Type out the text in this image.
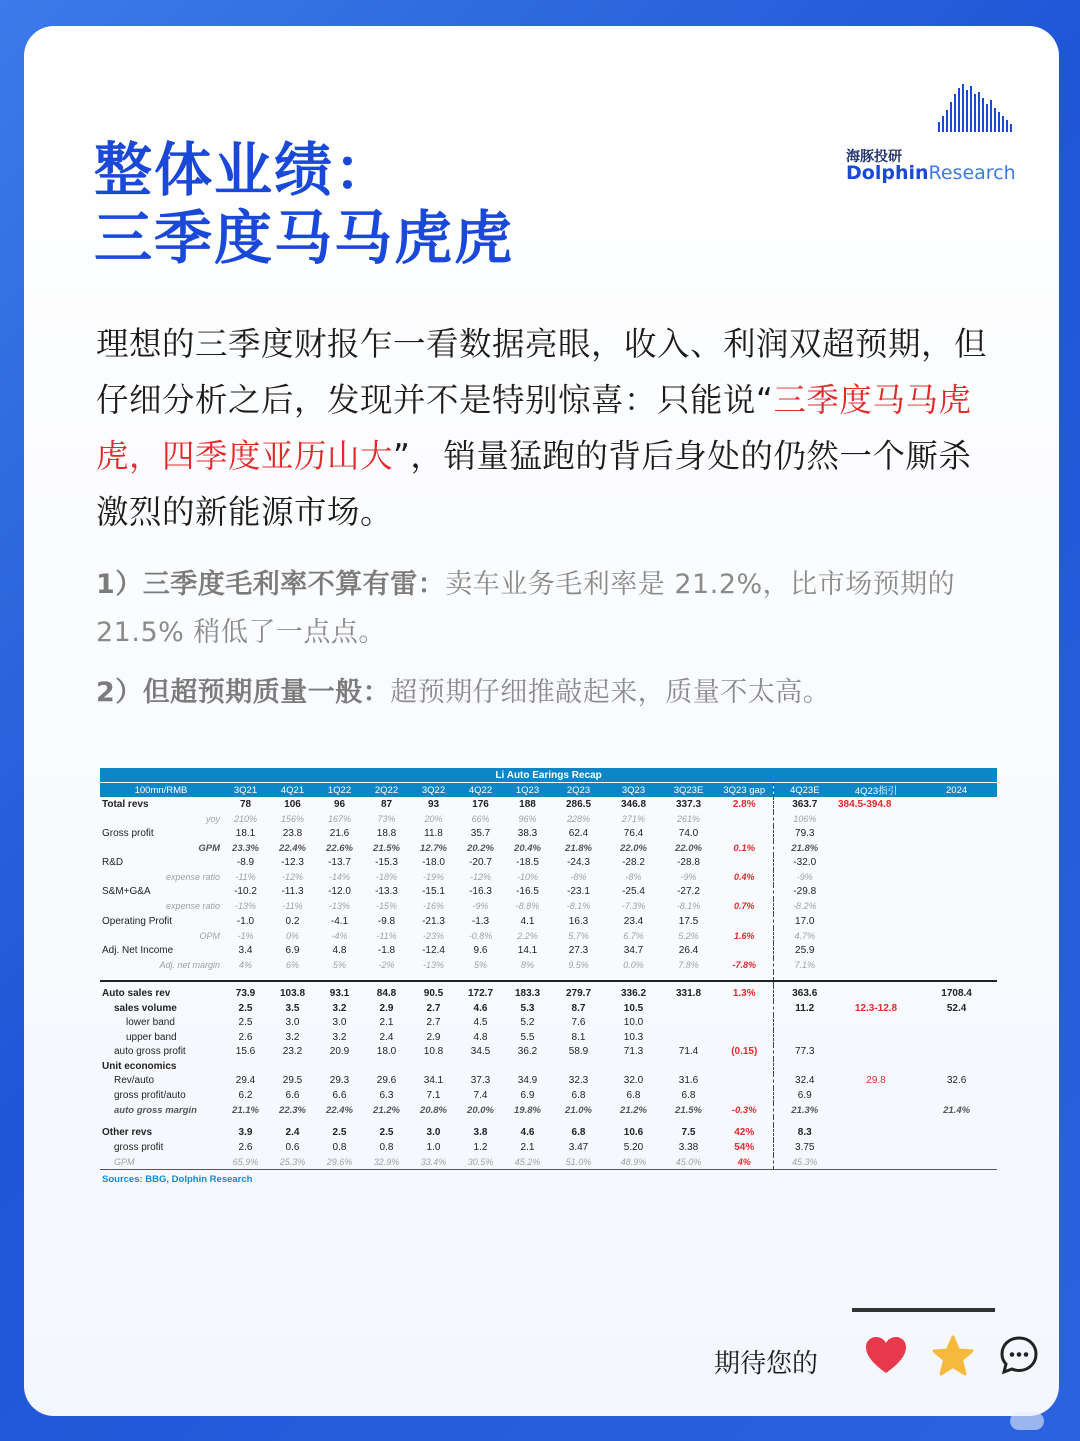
整体业绩：
三季度马马虎虎
海豚投研
DolphinResearch
理想的三季度财报乍一看数据亮眼，收入、利润双超预期，但仔细分析之后，发现并不是特别惊喜：只能说“三季度马马虎虎，四季度亚历山大”，销量猛跑的背后身处的仍然一个厮杀激烈的新能源市场。
1）三季度毛利率不算有雷：卖车业务毛利率是 21.2%，比市场预期的 21.5% 稍低了一点点。
2）但超预期质量一般：超预期仔细推敲起来，质量不太高。
Li Auto Earings Recap														
100mn/RMB	3Q21	4Q21	1Q22	2Q22	3Q22	4Q22	1Q23	2Q23	3Q23	3Q23E	3Q23 gap	4Q23E	4Q23指引	2024
Total revs	78	106	96	87	93	176	188	286.5	346.8	337.3	2.8%	363.7	384.5-394.8	
yoy	210%	156%	167%	73%	20%	66%	96%	228%	271%	261%		106%		
Gross profit	18.1	23.8	21.6	18.8	11.8	35.7	38.3	62.4	76.4	74.0		79.3		
GPM	23.3%	22.4%	22.6%	21.5%	12.7%	20.2%	20.4%	21.8%	22.0%	22.0%	0.1%	21.8%		
R&D	-8.9	-12.3	-13.7	-15.3	-18.0	-20.7	-18.5	-24.3	-28.2	-28.8		-32.0		
expense ratio	-11%	-12%	-14%	-18%	-19%	-12%	-10%	-8%	-8%	-9%	0.4%	-9%		
S&M+G&A	-10.2	-11.3	-12.0	-13.3	-15.1	-16.3	-16.5	-23.1	-25.4	-27.2		-29.8		
expense ratio	-13%	-11%	-13%	-15%	-16%	-9%	-8.8%	-8.1%	-7.3%	-8.1%	0.7%	-8.2%		
Operating Profit	-1.0	0.2	-4.1	-9.8	-21.3	-1.3	4.1	16.3	23.4	17.5		17.0		
OPM	-1%	0%	-4%	-11%	-23%	-0.8%	2.2%	5.7%	6.7%	5.2%	1.6%	4.7%		
Adj. Net Income	3.4	6.9	4.8	-1.8	-12.4	9.6	14.1	27.3	34.7	26.4		25.9		
Adj. net margin	4%	6%	5%	-2%	-13%	5%	8%	9.5%	0.0%	7.8%	-7.8%	7.1%		

Auto sales rev	73.9	103.8	93.1	84.8	90.5	172.7	183.3	279.7	336.2	331.8	1.3%	363.6		1708.4
sales volume	2.5	3.5	3.2	2.9	2.7	4.6	5.3	8.7	10.5			11.2	12.3-12.8	52.4
lower band	2.5	3.0	3.0	2.1	2.7	4.5	5.2	7.6	10.0					
upper band	2.6	3.2	3.2	2.4	2.9	4.8	5.5	8.1	10.3					
auto gross profit	15.6	23.2	20.9	18.0	10.8	34.5	36.2	58.9	71.3	71.4	(0.15)	77.3		
Unit economics														
Rev/auto	29.4	29.5	29.3	29.6	34.1	37.3	34.9	32.3	32.0	31.6		32.4	29.8	32.6
gross profit/auto	6.2	6.6	6.6	6.3	7.1	7.4	6.9	6.8	6.8	6.8		6.9		
auto gross margin	21.1%	22.3%	22.4%	21.2%	20.8%	20.0%	19.8%	21.0%	21.2%	21.5%	-0.3%	21.3%		21.4%

Other revs	3.9	2.4	2.5	2.5	3.0	3.8	4.6	6.8	10.6	7.5	42%	8.3		
gross profit	2.6	0.6	0.8	0.8	1.0	1.2	2.1	3.47	5.20	3.38	54%	3.75		
GPM	65.9%	25.3%	29.6%	32.9%	33.4%	30.5%	45.2%	51.0%	48.9%	45.0%	4%	45.3%		

Sources: BBG, Dolphin Research														
期待您的
